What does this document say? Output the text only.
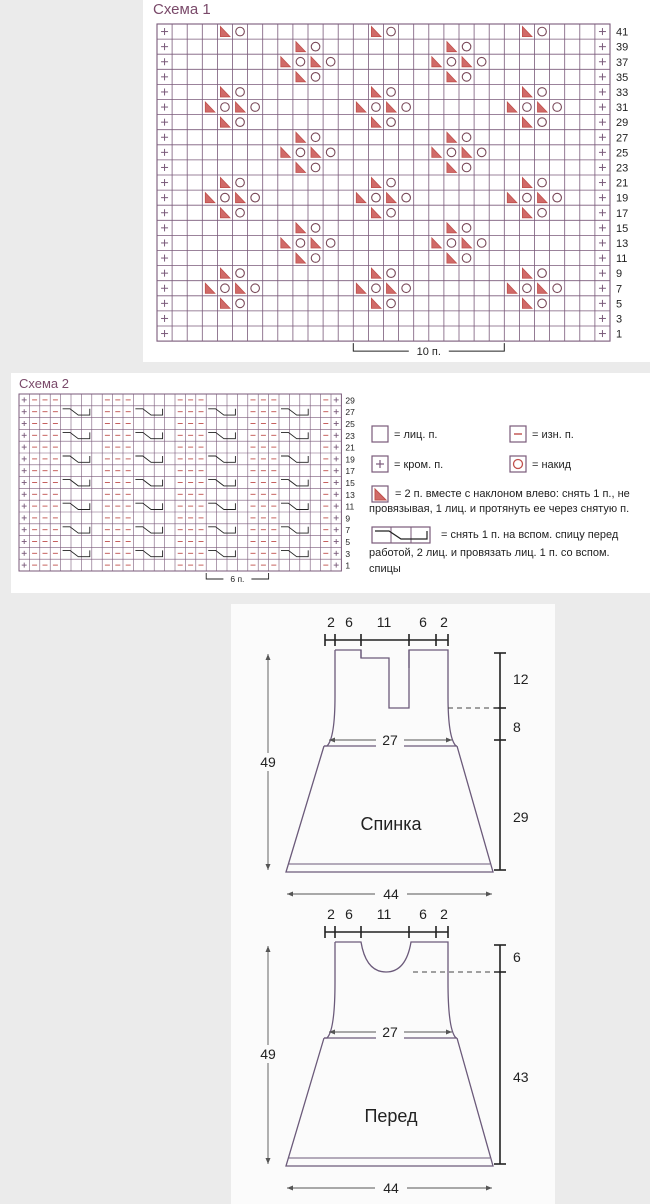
Схема 1
41
39
37
35
33
31
29
27
25
23
21
19
17
15
13
11
9
7
5
3
1
10 п.
Схема 2
29
27
25
23
21
19
17
15
13
11
9
7
5
3
1
6 п.
= лиц. п.	= изн. п.
= кром. п.	= накид
= 2 п. вместе с наклоном влево: снять 1 п., не
провязывая, 1 лиц. и протянуть ее через снятую п.
= снять 1 п. на вспом. спицу перед
работой, 2 лиц. и провязать лиц. 1 п. со вспом.
спицы
2 6 11 6 2
27
Спинка
44
49
12
8
29
2 6 11 6 2
27
Перед
44
49
6
43
